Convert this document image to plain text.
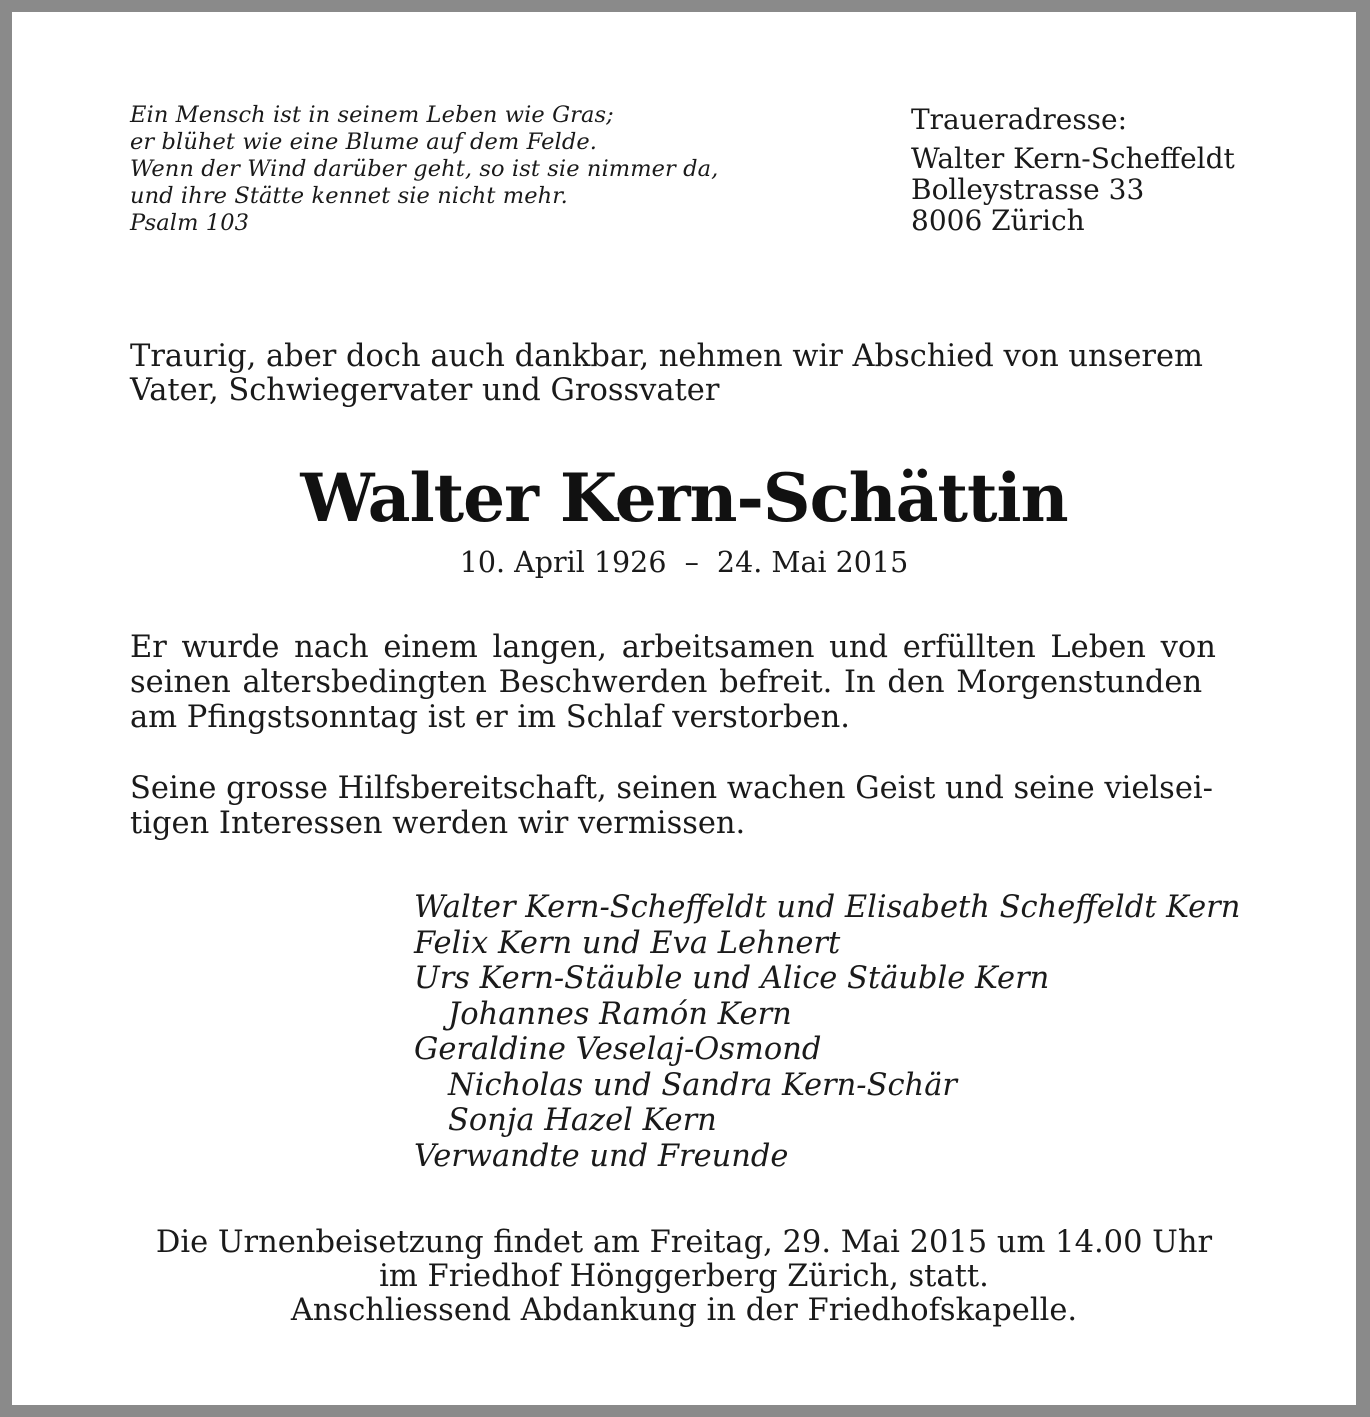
Ein Mensch ist in seinem Leben wie Gras;
er blühet wie eine Blume auf dem Felde.
Wenn der Wind darüber geht, so ist sie nimmer da,
und ihre Stätte kennet sie nicht mehr.
Psalm 103
Traueradresse:
Walter Kern-Scheffeldt
Bolleystrasse 33
8006 Zürich
Traurig, aber doch auch dankbar, nehmen wir Abschied von unserem
Vater, Schwiegervater und Grossvater
Walter Kern-Schättin
10. April 1926  –  24. Mai 2015
Er wurde nach einem langen, arbeitsamen und erfüllten Leben von
seinen altersbedingten Beschwerden befreit. In den Morgenstunden
am Pfingstsonntag ist er im Schlaf verstorben.
Seine grosse Hilfsbereitschaft, seinen wachen Geist und seine vielsei-
tigen Interessen werden wir vermissen.
Walter Kern-Scheffeldt und Elisabeth Scheffeldt Kern
Felix Kern und Eva Lehnert
Urs Kern-Stäuble und Alice Stäuble Kern
Johannes Ramón Kern
Geraldine Veselaj-Osmond
Nicholas und Sandra Kern-Schär
Sonja Hazel Kern
Verwandte und Freunde
Die Urnenbeisetzung findet am Freitag, 29. Mai 2015 um 14.00 Uhr
im Friedhof Hönggerberg Zürich, statt.
Anschliessend Abdankung in der Friedhofskapelle.
